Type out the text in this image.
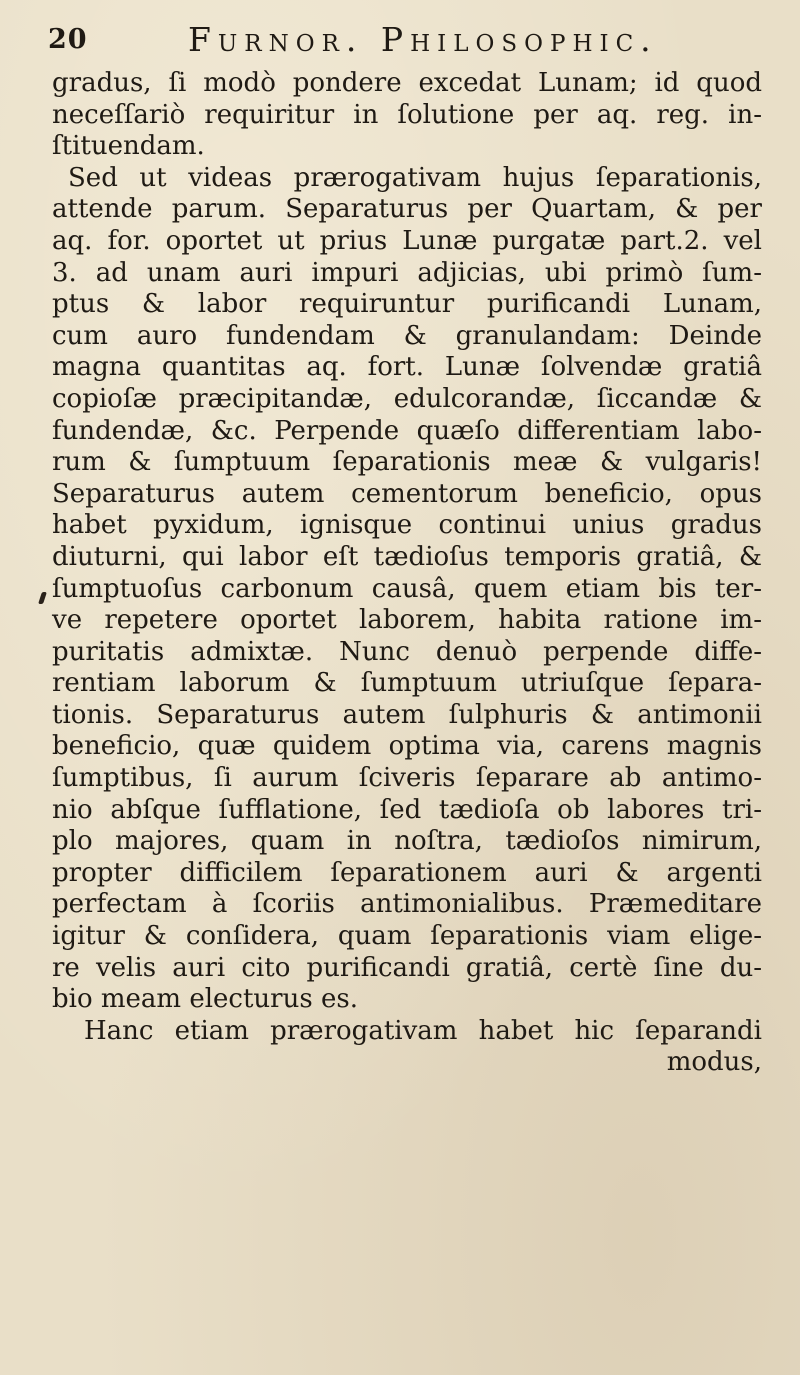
20	Furnor. Philosophic.
gradus, ſi modò pondere excedat Lunam; id quod
neceſſariò requiritur in ſolutione per aq. reg. in-
ſtituendam.
Sed ut videas prærogativam hujus ſeparationis,
attende parum. Separaturus per Quartam, & per
aq. for. oportet ut prius Lunæ purgatæ part.2. vel
3. ad unam auri impuri adjicias, ubi primò ſum-
ptus & labor requiruntur purificandi Lunam,
cum auro fundendam & granulandam: Deinde
magna quantitas aq. fort. Lunæ ſolvendæ gratiâ
copioſæ præcipitandæ, edulcorandæ, ſiccandæ &
fundendæ, &c. Perpende quæſo differentiam labo-
rum & ſumptuum ſeparationis meæ & vulgaris!
Separaturus autem cementorum beneficio, opus
habet pyxidum, ignisque continui unius gradus
diuturni, qui labor eſt tædioſus temporis gratiâ, &
ſumptuoſus carbonum causâ, quem etiam bis ter-
ve repetere oportet laborem, habita ratione im-
puritatis admixtæ. Nunc denuò perpende diffe-
rentiam laborum & ſumptuum utriuſque ſepara-
tionis. Separaturus autem ſulphuris & antimonii
beneficio, quæ quidem optima via, carens magnis
ſumptibus, ſi aurum ſciveris ſeparare ab antimo-
nio abſque ſufflatione, ſed tædioſa ob labores tri-
plo majores, quam in noſtra, tædioſos nimirum,
propter difficilem ſeparationem auri & argenti
perfectam à ſcoriis antimonialibus. Præmeditare
igitur & conſidera, quam ſeparationis viam elige-
re velis auri cito purificandi gratiâ, certè ſine du-
bio meam electurus es.
Hanc etiam prærogativam habet hic ſeparandi
modus,
